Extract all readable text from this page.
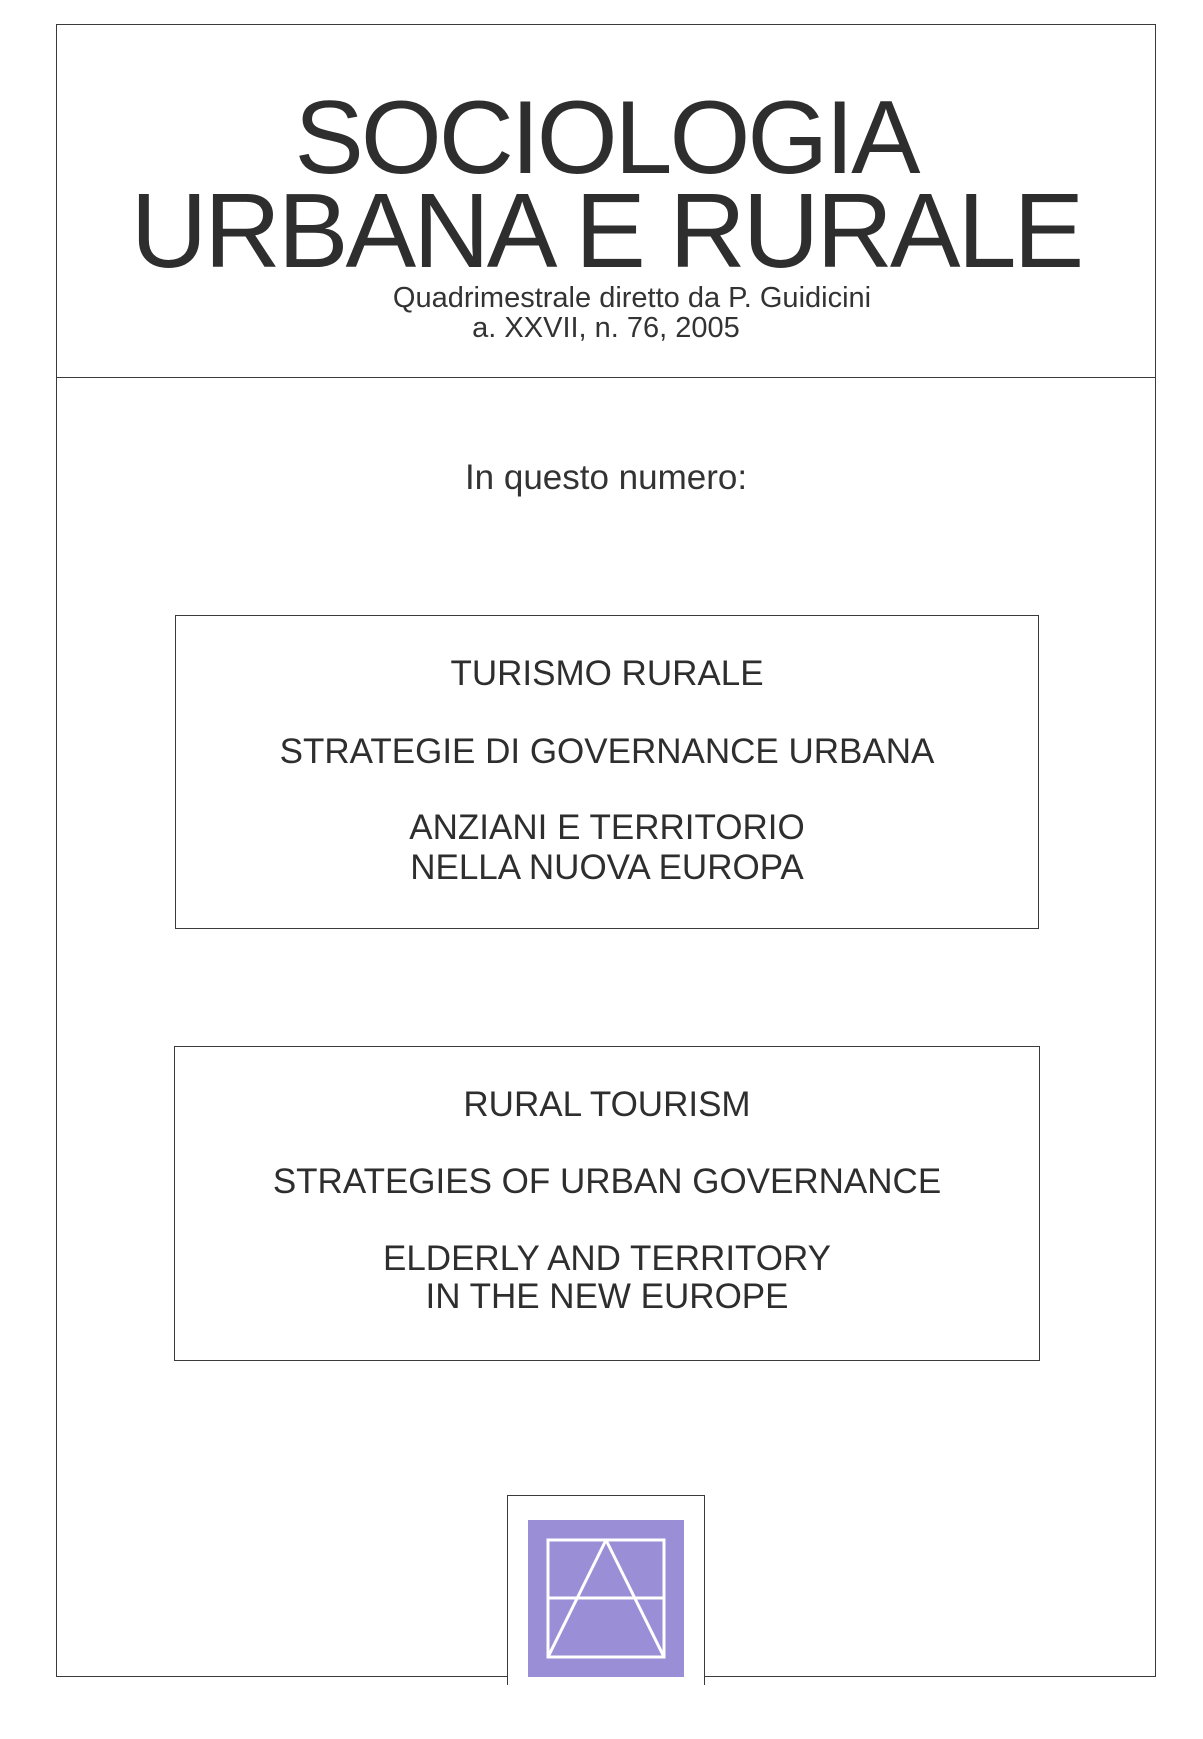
SOCIOLOGIA
URBANA E RURALE
Quadrimestrale diretto da P. Guidicini
a. XXVII, n. 76, 2005
In questo numero:
TURISMO RURALE
STRATEGIE DI GOVERNANCE URBANA
ANZIANI E TERRITORIO
NELLA NUOVA EUROPA
RURAL TOURISM
STRATEGIES OF URBAN GOVERNANCE
ELDERLY AND TERRITORY
IN THE NEW EUROPE
